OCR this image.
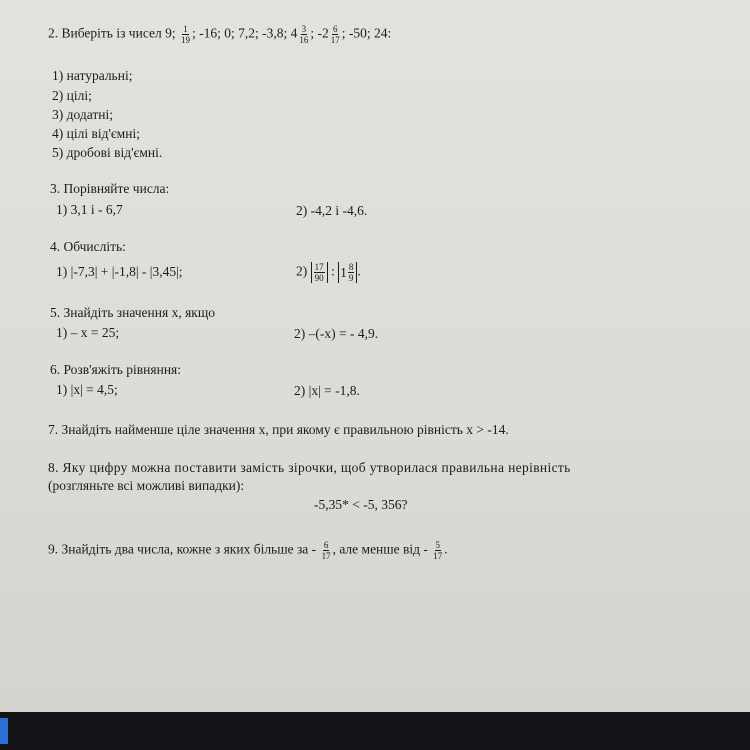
2. Виберіть із чисел 9; $\frac{1}{19}$ ; -16; 0; 7,2; -3,8; $4 \frac{3}{16}$ ; $-2 \frac{6}{17}$ ; -50; 24:
1) натуральні;
2) цілі;
3) додатні;
4) цілі від'ємні;
5) дробові від'ємні.
3. Порівняйте числа:
1) 3,1 і - 6,7	2) -4,2 і -4,6.
4. Обчисліть:
1) |-7,3| + |-1,8| - |3,45|;	$2) \frac{17}{90}$ : $1 \frac{8}{9}$ .
5. Знайдіть значення x, якщо
1) – x = 25;	2) –(-x) = - 4,9.
6. Розв'яжіть рівняння:
1) |x| = 4,5;	2) |x| = -1,8.
7. Знайдіть найменше ціле значення x, при якому є правильною рівність x > -14.
8. Яку цифру можна поставити замість зірочки, щоб утворилася правильна нерівність
(розгляньте всі можливі випадки):
-5,35* < -5, 356?
9. Знайдіть два числа, кожне з яких більше за - $\frac{6}{17}$ , але менше від - $\frac{5}{17}$ .
